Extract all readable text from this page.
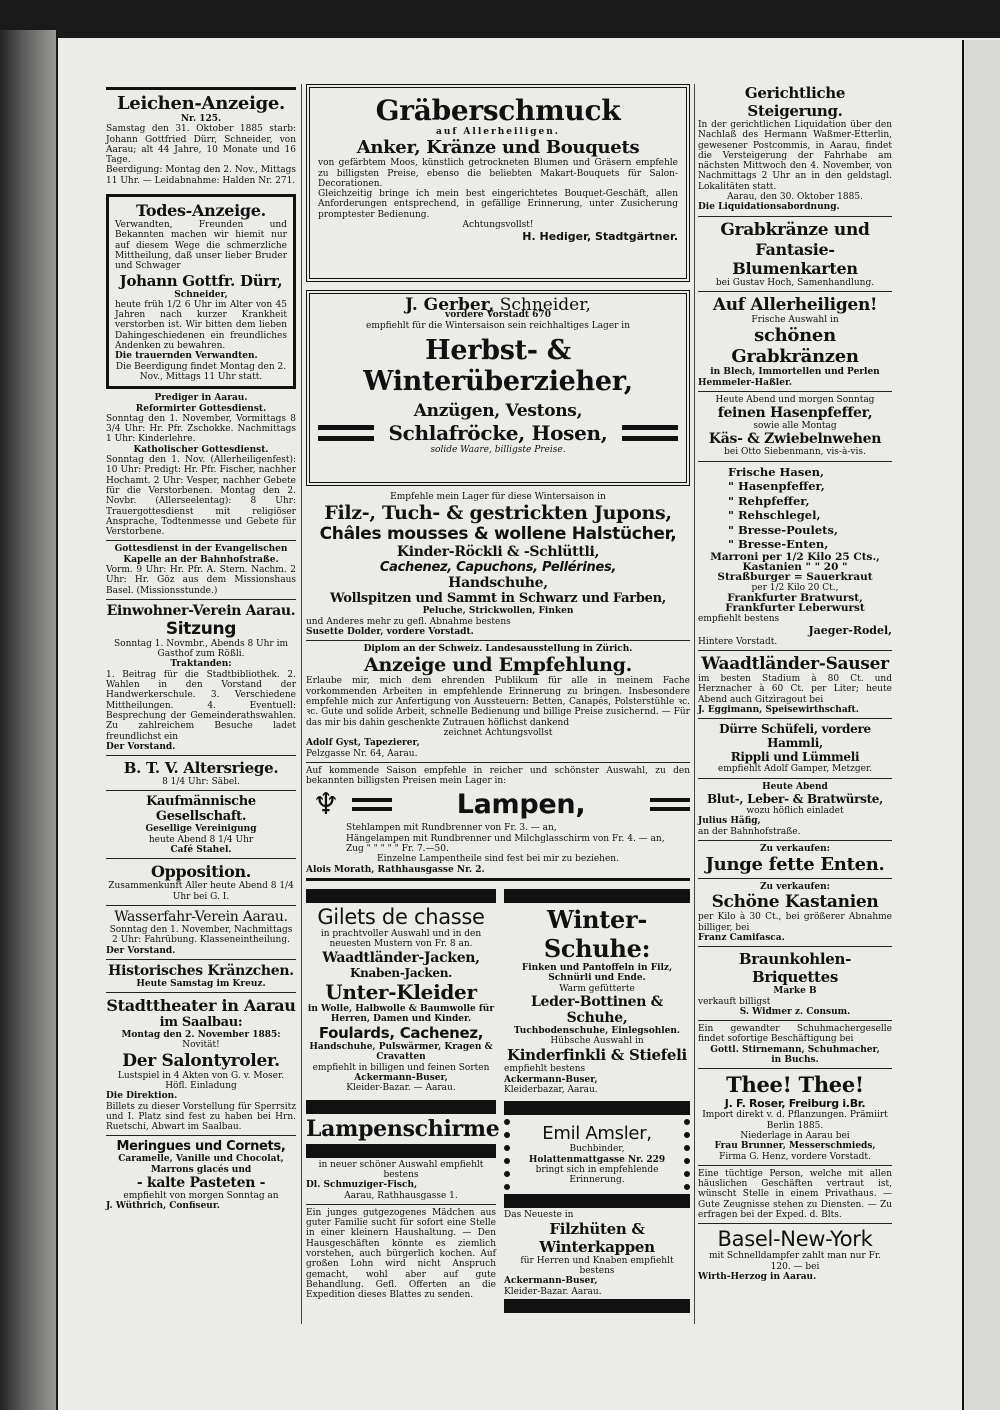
Leichen-Anzeige.
Nr. 125.
Samstag den 31. Oktober 1885 starb: Johann Gottfried Dürr, Schneider, von Aarau; alt 44 Jahre, 10 Monate und 16 Tage.
Beerdigung: Montag den 2. Nov., Mittags 11 Uhr. — Leidabnahme: Halden Nr. 271.
Todes-Anzeige.
Verwandten, Freunden und Bekannten machen wir hiemit nur auf diesem Wege die schmerzliche Mittheilung, daß unser lieber Bruder und Schwager
Johann Gottfr. Dürr,
Schneider,
heute früh 1/2 6 Uhr im Alter von 45 Jahren nach kurzer Krankheit verstorben ist. Wir bitten dem lieben Dahingeschiedenen ein freundliches Andenken zu bewahren.
Die trauernden Verwandten.
Die Beerdigung findet Montag den 2. Nov., Mittags 11 Uhr statt.
Prediger in Aarau.
Reformirter Gottesdienst.
Sonntag den 1. November, Vormittags 8 3/4 Uhr: Hr. Pfr. Zschokke. Nachmittags 1 Uhr: Kinderlehre.
Katholischer Gottesdienst.
Sonntag den 1. Nov. (Allerheiligenfest): 10 Uhr: Predigt: Hr. Pfr. Fischer, nachher Hochamt. 2 Uhr: Vesper, nachher Gebete für die Verstorbenen. Montag den 2. Novbr. (Allerseelentag): 8 Uhr: Trauergottesdienst mit religiöser Ansprache, Todtenmesse und Gebete für Verstorbene.
Gottesdienst in der Evangelischen Kapelle an der Bahnhofstraße.
Vorm. 9 Uhr: Hr. Pfr. A. Stern. Nachm. 2 Uhr: Hr. Göz aus dem Missionshaus Basel. (Missionsstunde.)
Einwohner-Verein Aarau.
Sitzung
Sonntag 1. Novmbr., Abends 8 Uhr im Gasthof zum Rößli.
Traktanden:
1. Beitrag für die Stadtbibliothek. 2. Wahlen in den Vorstand der Handwerkerschule. 3. Verschiedene Mittheilungen. 4. Eventuell: Besprechung der Gemeinderathswahlen. Zu zahlreichem Besuche ladet freundlichst ein
Der Vorstand.
B. T. V. Altersriege.
8 1/4 Uhr: Säbel.
Kaufmännische Gesellschaft.
Gesellige Vereinigung
heute Abend 8 1/4 Uhr
Café Stahel.
Opposition.
Zusammenkunft Aller heute Abend 8 1/4 Uhr bei G. I.
Wasserfahr-Verein Aarau.
Sonntag den 1. November, Nachmittags 2 Uhr: Fahrübung. Klasseneintheilung.
Der Vorstand.
Historisches Kränzchen.
Heute Samstag im Kreuz.
Stadttheater in Aarau
im Saalbau:
Montag den 2. November 1885:
Novität!
Der Salontyroler.
Lustspiel in 4 Akten von G. v. Moser. Höfl. Einladung
Die Direktion.
Billets zu dieser Vorstellung für Sperrsitz und I. Platz sind fest zu haben bei Hrn. Ruetschi, Abwart im Saalbau.
Meringues und Cornets,
Caramelle, Vanille und Chocolat, Marrons glacés und
- kalte Pasteten -
empfiehlt von morgen Sonntag an
J. Wüthrich, Confiseur.
Gräberschmuck
auf Allerheiligen.
Anker, Kränze und Bouquets
von gefärbtem Moos, künstlich getrockneten Blumen und Gräsern empfehle zu billigsten Preise, ebenso die beliebten Makart-Bouquets für Salon-Decorationen.
Gleichzeitig bringe ich mein best eingerichtetes Bouquet-Geschäft, allen Anforderungen entsprechend, in gefällige Erinnerung, unter Zusicherung promptester Bedienung.
Achtungsvollst!
H. Hediger, Stadtgärtner.
J. Gerber, Schneider,
vordere Vorstadt 670
empfiehlt für die Wintersaison sein reichhaltiges Lager in
Herbst- & Winterüberzieher,
Anzügen, Vestons,
Schlafröcke, Hosen,
solide Waare, billigste Preise.
Empfehle mein Lager für diese Wintersaison in
Filz-, Tuch- & gestrickten Jupons,
Châles mousses & wollene Halstücher,
Kinder-Röckli & -Schlüttli,
Cachenez, Capuchons, Pellérines,
Handschuhe,
Wollspitzen und Sammt in Schwarz und Farben,
Peluche, Strickwollen, Finken
und Anderes mehr zu gefl. Abnahme bestens
Susette Dolder, vordere Vorstadt.
Diplom an der Schweiz. Landesausstellung in Zürich.
Anzeige und Empfehlung.
Erlaube mir, mich dem ehrenden Publikum für alle in meinem Fache vorkommenden Arbeiten in empfehlende Erinnerung zu bringen. Insbesondere empfehle mich zur Anfertigung von Aussteuern: Betten, Canapés, Polsterstühle ꝛc. ꝛc. Gute und solide Arbeit, schnelle Bedienung und billige Preise zusichernd. — Für das mir bis dahin geschenkte Zutrauen höflichst dankend
zeichnet Achtungsvollst
Adolf Gyst, Tapezierer,
Pelzgasse Nr. 64, Aarau.
Auf kommende Saison empfehle in reicher und schönster Auswahl, zu den bekannten billigsten Preisen mein Lager in:
♆	Lampen,
Stehlampen mit Rundbrenner von Fr. 3. — an,
Hängelampen mit Rundbrenner und Milchglasschirm von Fr. 4. — an,
Zug " " " " " Fr. 7.—50.
Einzelne Lampentheile sind fest bei mir zu beziehen.
Alois Morath, Rathhausgasse Nr. 2.
Gilets de chasse
in prachtvoller Auswahl und in den neuesten Mustern von Fr. 8 an.
Waadtländer-Jacken,
Knaben-Jacken.
Unter-Kleider
in Wolle, Halbwolle & Baumwolle für Herren, Damen und Kinder.
Foulards, Cachenez,
Handschuhe, Pulswärmer, Kragen & Cravatten
empfiehlt in billigen und feinen Sorten
Ackermann-Buser,
Kleider-Bazar. — Aarau.
Lampenschirme
in neuer schöner Auswahl empfiehlt bestens
Dl. Schmuziger-Fisch,
Aarau, Rathhausgasse 1.
Ein junges gutgezogenes Mädchen aus guter Familie sucht für sofort eine Stelle in einer kleinern Haushaltung. — Den Hausgeschäften könnte es ziemlich vorstehen, auch bürgerlich kochen. Auf großen Lohn wird nicht Anspruch gemacht, wohl aber auf gute Behandlung. Gefl. Offerten an die Expedition dieses Blattes zu senden.
Winter-Schuhe:
Finken und Pantoffeln in Filz, Schnürli und Ende.
Warm gefütterte
Leder-Bottinen & Schuhe,
Tuchbodenschuhe, Einlegsohlen.
Hübsche Auswahl in
Kinderfinkli & Stiefeli
empfiehlt bestens
Ackermann-Buser,
Kleiderbazar, Aarau.
Emil Amsler,
Buchbinder,
Holattenmattgasse Nr. 229
bringt sich in empfehlende Erinnerung.
Das Neueste in
Filzhüten & Winterkappen
für Herren und Knaben empfiehlt bestens
Ackermann-Buser,
Kleider-Bazar. Aarau.
Gerichtliche Steigerung.
In der gerichtlichen Liquidation über den Nachlaß des Hermann Waßmer-Etterlin, gewesener Postcommis, in Aarau, findet die Versteigerung der Fahrhabe am nächsten Mittwoch den 4. November, von Nachmittags 2 Uhr an in den geldstagl. Lokalitäten statt.
Aarau, den 30. Oktober 1885.
Die Liquidationsabordnung.
Grabkränze und
Fantasie-Blumenkarten
bei Gustav Hoch, Samenhandlung.
Auf Allerheiligen!
Frische Auswahl in
schönen Grabkränzen
in Blech, Immortellen und Perlen
Hemmeler-Haßler.
Heute Abend und morgen Sonntag
feinen Hasenpfeffer,
sowie alle Montag
Käs- & Zwiebelnwehen
bei Otto Siebenmann, vis-à-vis.
Frische Hasen,
" Hasenpfeffer,
" Rehpfeffer,
" Rehschlegel,
" Bresse-Poulets,
" Bresse-Enten,
Marroni per 1/2 Kilo 25 Cts.,
Kastanien " " 20 "
Straßburger = Sauerkraut
per 1/2 Kilo 20 Ct.,
Frankfurter Bratwurst,
Frankfurter Leberwurst
empfiehlt bestens
Jaeger-Rodel,
Hintere Vorstadt.
Waadtländer-Sauser
im besten Stadium à 80 Ct. und Herznacher à 60 Ct. per Liter; heute Abend auch Gitzìragout bei
J. Eggimann, Speisewirthschaft.
Dürre Schüfeli, vordere Hammli,
Rippli und Lümmeli
empfiehlt Adolf Gamper, Metzger.
Heute Abend
Blut-, Leber- & Bratwürste,
wozu höflich einladet
Julius Häfig,
an der Bahnhofstraße.
Zu verkaufen:
Junge fette Enten.
Zu verkaufen:
Schöne Kastanien
per Kilo à 30 Ct., bei größerer Abnahme billiger, bei
Franz Camifasca.
Braunkohlen-Briquettes
Marke B
verkauft billigst
S. Widmer z. Consum.
Ein gewandter Schuhmachergeselle findet sofortige Beschäftigung bei
Gottl. Stirnemann, Schuhmacher,
in Buchs.
Thee! Thee!
J. F. Roser, Freiburg i.Br.
Import direkt v. d. Pflanzungen. Prämiirt Berlin 1885.
Niederlage in Aarau bei
Frau Brunner, Messerschmieds,
Firma G. Henz, vordere Vorstadt.
Eine tüchtige Person, welche mit allen häuslichen Geschäften vertraut ist, wünscht Stelle in einem Privathaus. — Gute Zeugnisse stehen zu Diensten. — Zu erfragen bei der Exped. d. Blts.
Basel-New-York
mit Schnelldampfer zahlt man nur Fr. 120. — bei
Wirth-Herzog in Aarau.
